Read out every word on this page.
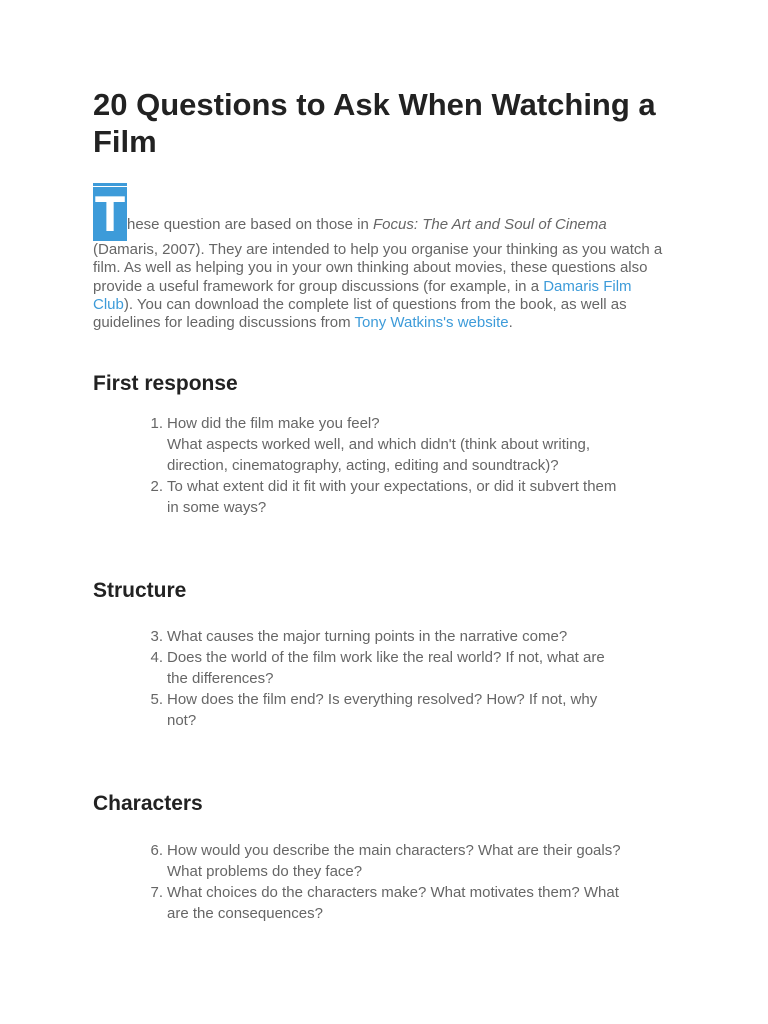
20 Questions to Ask When Watching a Film
T hese question are based on those in Focus: The Art and Soul of Cinema
(Damaris, 2007). They are intended to help you organise your thinking as you watch a film. As well as helping you in your own thinking about movies, these questions also provide a useful framework for group discussions (for example, in a Damaris Film Club). You can download the complete list of questions from the book, as well as guidelines for leading discussions from Tony Watkins's website.
First response
1. How did the film make you feel?
What aspects worked well, and which didn't (think about writing,
direction, cinematography, acting, editing and soundtrack)?
2. To what extent did it fit with your expectations, or did it subvert them
in some ways?
Structure
3. What causes the major turning points in the narrative come?
4. Does the world of the film work like the real world? If not, what are
the differences?
5. How does the film end? Is everything resolved? How? If not, why
not?
Characters
6. How would you describe the main characters? What are their goals?
What problems do they face?
7. What choices do the characters make? What motivates them? What
are the consequences?
